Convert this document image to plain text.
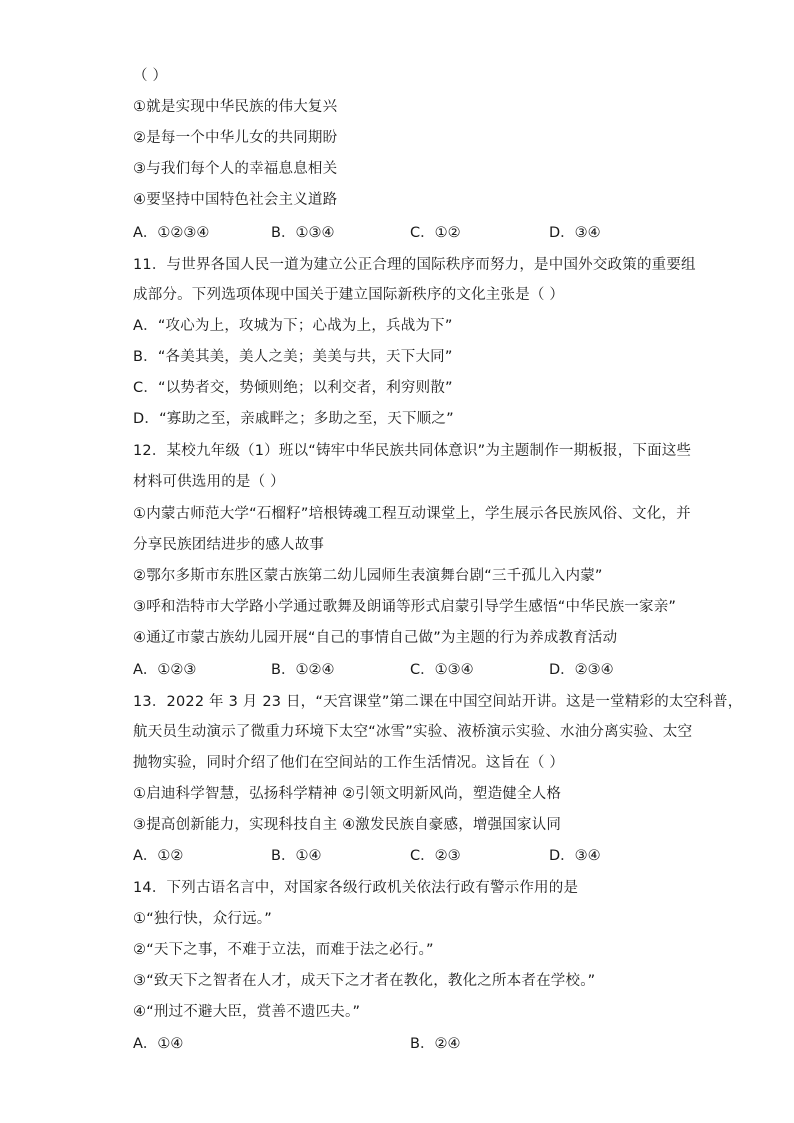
（ ）
①就是实现中华民族的伟大复兴
②是每一个中华儿女的共同期盼
③与我们每个人的幸福息息相关
④要坚持中国特色社会主义道路
A．①②③④	B．①③④	C．①②	D．③④
11．与世界各国人民一道为建立公正合理的国际秩序而努力，是中国外交政策的重要组
成部分。下列选项体现中国关于建立国际新秩序的文化主张是（ ）
A．“攻心为上，攻城为下；心战为上，兵战为下”
B．“各美其美，美人之美；美美与共，天下大同”
C．“以势者交，势倾则绝；以利交者，利穷则散”
D．“寡助之至，亲戚畔之；多助之至，天下顺之”
12．某校九年级（1）班以“铸牢中华民族共同体意识”为主题制作一期板报，下面这些
材料可供选用的是（ ）
①内蒙古师范大学“石榴籽”培根铸魂工程互动课堂上，学生展示各民族风俗、文化，并
分享民族团结进步的感人故事
②鄂尔多斯市东胜区蒙古族第二幼儿园师生表演舞台剧“三千孤儿入内蒙”
③呼和浩特市大学路小学通过歌舞及朗诵等形式启蒙引导学生感悟“中华民族一家亲”
④通辽市蒙古族幼儿园开展“自己的事情自己做”为主题的行为养成教育活动
A．①②③	B．①②④	C．①③④	D．②③④
13．2022 年 3 月 23 日，“天宫课堂”第二课在中国空间站开讲。这是一堂精彩的太空科普，
航天员生动演示了微重力环境下太空“冰雪”实验、液桥演示实验、水油分离实验、太空
抛物实验，同时介绍了他们在空间站的工作生活情况。这旨在（ ）
①启迪科学智慧，弘扬科学精神 ②引领文明新风尚，塑造健全人格
③提高创新能力，实现科技自主 ④激发民族自豪感，增强国家认同
A．①②	B．①④	C．②③	D．③④
14．下列古语名言中，对国家各级行政机关依法行政有警示作用的是
①“独行快，众行远。”
②“天下之事，不难于立法，而难于法之必行。”
③“致天下之智者在人才，成天下之才者在教化，教化之所本者在学校。”
④“刑过不避大臣，赏善不遗匹夫。”
A．①④	B．②④
